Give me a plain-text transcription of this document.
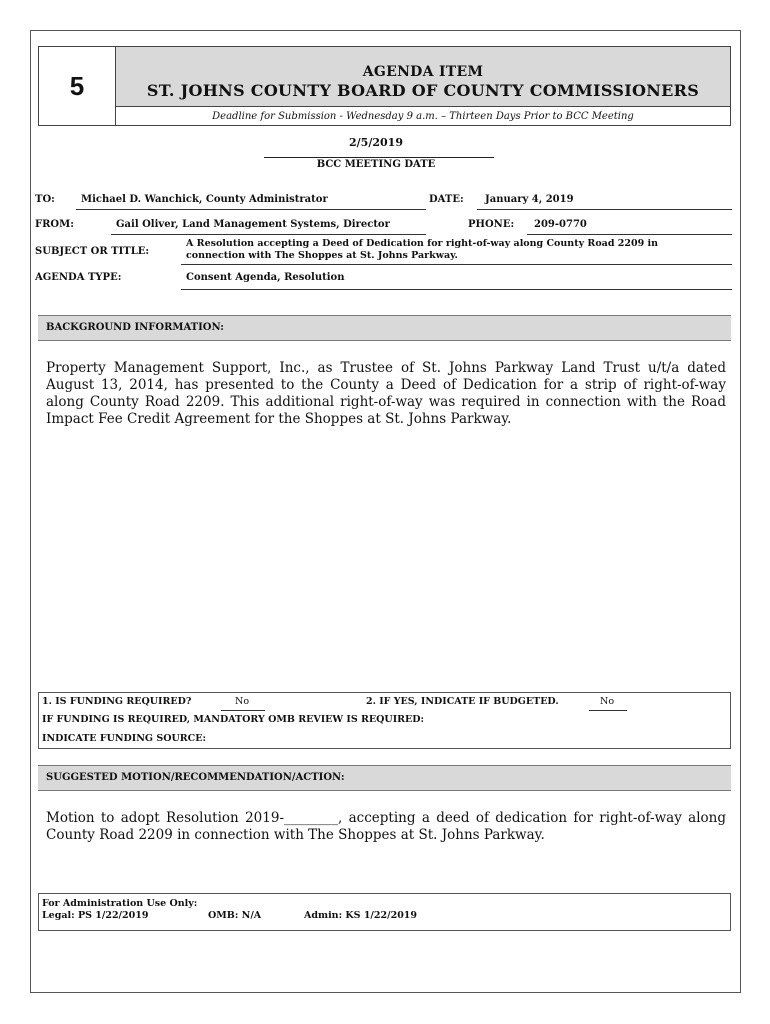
5	AGENDA ITEM
ST. JOHNS COUNTY BOARD OF COUNTY COMMISSIONERS
Deadline for Submission - Wednesday 9 a.m. – Thirteen Days Prior to BCC Meeting
2/5/2019
BCC MEETING DATE
TO:	Michael D. Wanchick, County Administrator	DATE: January 4, 2019
FROM:	Gail Oliver, Land Management Systems, Director	PHONE: 209-0770
SUBJECT OR TITLE:
A Resolution accepting a Deed of Dedication for right-of-way along County Road 2209 in
connection with The Shoppes at St. Johns Parkway.
AGENDA TYPE:	Consent Agenda, Resolution
BACKGROUND INFORMATION:
Property Management Support, Inc., as Trustee of St. Johns Parkway Land Trust u/t/a dated August 13, 2014, has presented to the County a Deed of Dedication for a strip of right-of-way along County Road 2209. This additional right-of-way was required in connection with the Road Impact Fee Credit Agreement for the Shoppes at St. Johns Parkway.
1. IS FUNDING REQUIRED?	No	2. IF YES, INDICATE IF BUDGETED.	No
IF FUNDING IS REQUIRED, MANDATORY OMB REVIEW IS REQUIRED:
INDICATE FUNDING SOURCE:
SUGGESTED MOTION/RECOMMENDATION/ACTION:
Motion to adopt Resolution 2019-________, accepting a deed of dedication for right-of-way along County Road 2209 in connection with The Shoppes at St. Johns Parkway.
For Administration Use Only:
Legal: PS 1/22/2019	OMB: N/A	Admin: KS 1/22/2019
